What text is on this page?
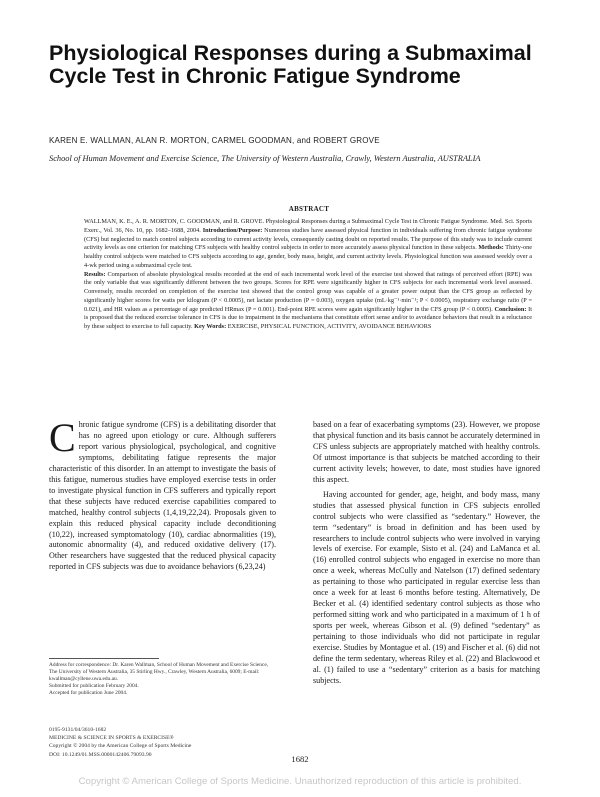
Physiological Responses during a Submaximal Cycle Test in Chronic Fatigue Syndrome
KAREN E. WALLMAN, ALAN R. MORTON, CARMEL GOODMAN, and ROBERT GROVE
School of Human Movement and Exercise Science, The University of Western Australia, Crawly, Western Australia, AUSTRALIA
ABSTRACT
WALLMAN, K. E., A. R. MORTON, C. GOODMAN, and R. GROVE. Physiological Responses during a Submaximal Cycle Test in Chronic Fatigue Syndrome. Med. Sci. Sports Exerc., Vol. 36, No. 10, pp. 1682–1688, 2004. Introduction/Purpose: Numerous studies have assessed physical function in individuals suffering from chronic fatigue syndrome (CFS) but neglected to match control subjects according to current activity levels, consequently casting doubt on reported results. The purpose of this study was to include current activity levels as one criterion for matching CFS subjects with healthy control subjects in order to more accurately assess physical function in these subjects. Methods: Thirty-one healthy control subjects were matched to CFS subjects according to age, gender, body mass, height, and current activity levels. Physiological function was assessed weekly over a 4-wk period using a submaximal cycle test.
Results: Comparison of absolute physiological results recorded at the end of each incremental work level of the exercise test showed that ratings of perceived effort (RPE) was the only variable that was significantly different between the two groups. Scores for RPE were significantly higher in CFS subjects for each incremental work level assessed. Conversely, results recorded on completion of the exercise test showed that the control group was capable of a greater power output than the CFS group as reflected by significantly higher scores for watts per kilogram (P < 0.0005), net lactate production (P = 0.003), oxygen uptake (mL·kg⁻¹·min⁻¹; P < 0.0005), respiratory exchange ratio (P = 0.021), and HR values as a percentage of age predicted HRmax (P = 0.001). End-point RPE scores were again significantly higher in the CFS group (P < 0.0005). Conclusion: It is proposed that the reduced exercise tolerance in CFS is due to impairment in the mechanisms that constitute effort sense and/or to avoidance behaviors that result in a reluctance by these subject to exercise to full capacity. Key Words: EXERCISE, PHYSICAL FUNCTION, ACTIVITY, AVOIDANCE BEHAVIORS

Chronic fatigue syndrome (CFS) is a debilitating disorder that has no agreed upon etiology or cure. Although sufferers report various physiological, psychological, and cognitive symptoms, debilitating fatigue represents the major characteristic of this disorder. In an attempt to investigate the basis of this fatigue, numerous studies have employed exercise tests in order to investigate physical function in CFS sufferers and typically report that these subjects have reduced exercise capabilities compared to matched, healthy control subjects (1,4,19,22,24). Proposals given to explain this reduced physical capacity include deconditioning (10,22), increased symptomatology (10), cardiac abnormalities (19), autonomic abnormality (4), and reduced oxidative delivery (17). Other researchers have suggested that the reduced physical capacity reported in CFS subjects was due to avoidance behaviors (6,23,24)

based on a fear of exacerbating symptoms (23). However, we propose that physical function and its basis cannot be accurately determined in CFS unless subjects are appropriately matched with healthy controls. Of utmost importance is that subjects be matched according to their current activity levels; however, to date, most studies have ignored this aspect.

Having accounted for gender, age, height, and body mass, many studies that assessed physical function in CFS subjects enrolled control subjects who were classified as “sedentary.” However, the term “sedentary” is broad in definition and has been used by researchers to include control subjects who were involved in varying levels of exercise. For example, Sisto et al. (24) and LaManca et al. (16) enrolled control subjects who engaged in exercise no more than once a week, whereas McCully and Natelson (17) defined sedentary as pertaining to those who participated in regular exercise less than once a week for at least 6 months before testing. Alternatively, De Becker et al. (4) identified sedentary control subjects as those who performed sitting work and who participated in a maximum of 1 h of sports per week, whereas Gibson et al. (9) defined “sedentary” as pertaining to those individuals who did not participate in regular exercise. Studies by Montague et al. (19) and Fischer et al. (6) did not define the term sedentary, whereas Riley et al. (22) and Blackwood et al. (1) failed to use a “sedentary” criterion as a basis for matching subjects.

Address for correspondence: Dr. Karen Wallman, School of Human Movement and Exercise Science, The University of Western Australia, 35 Stirling Hwy., Crawley, Western Australia, 6009; E-mail: kwallman@cyllene.uwa.edu.au.
Submitted for publication February 2004.
Accepted for publication June 2004.
0195-9131/04/3610-1682
MEDICINE & SCIENCE IN SPORTS & EXERCISE®
Copyright © 2004 by the American College of Sports Medicine
DOI: 10.1249/01.MSS.0000142406.79093.90	1682
Copyright © American College of Sports Medicine. Unauthorized reproduction of this article is prohibited.
